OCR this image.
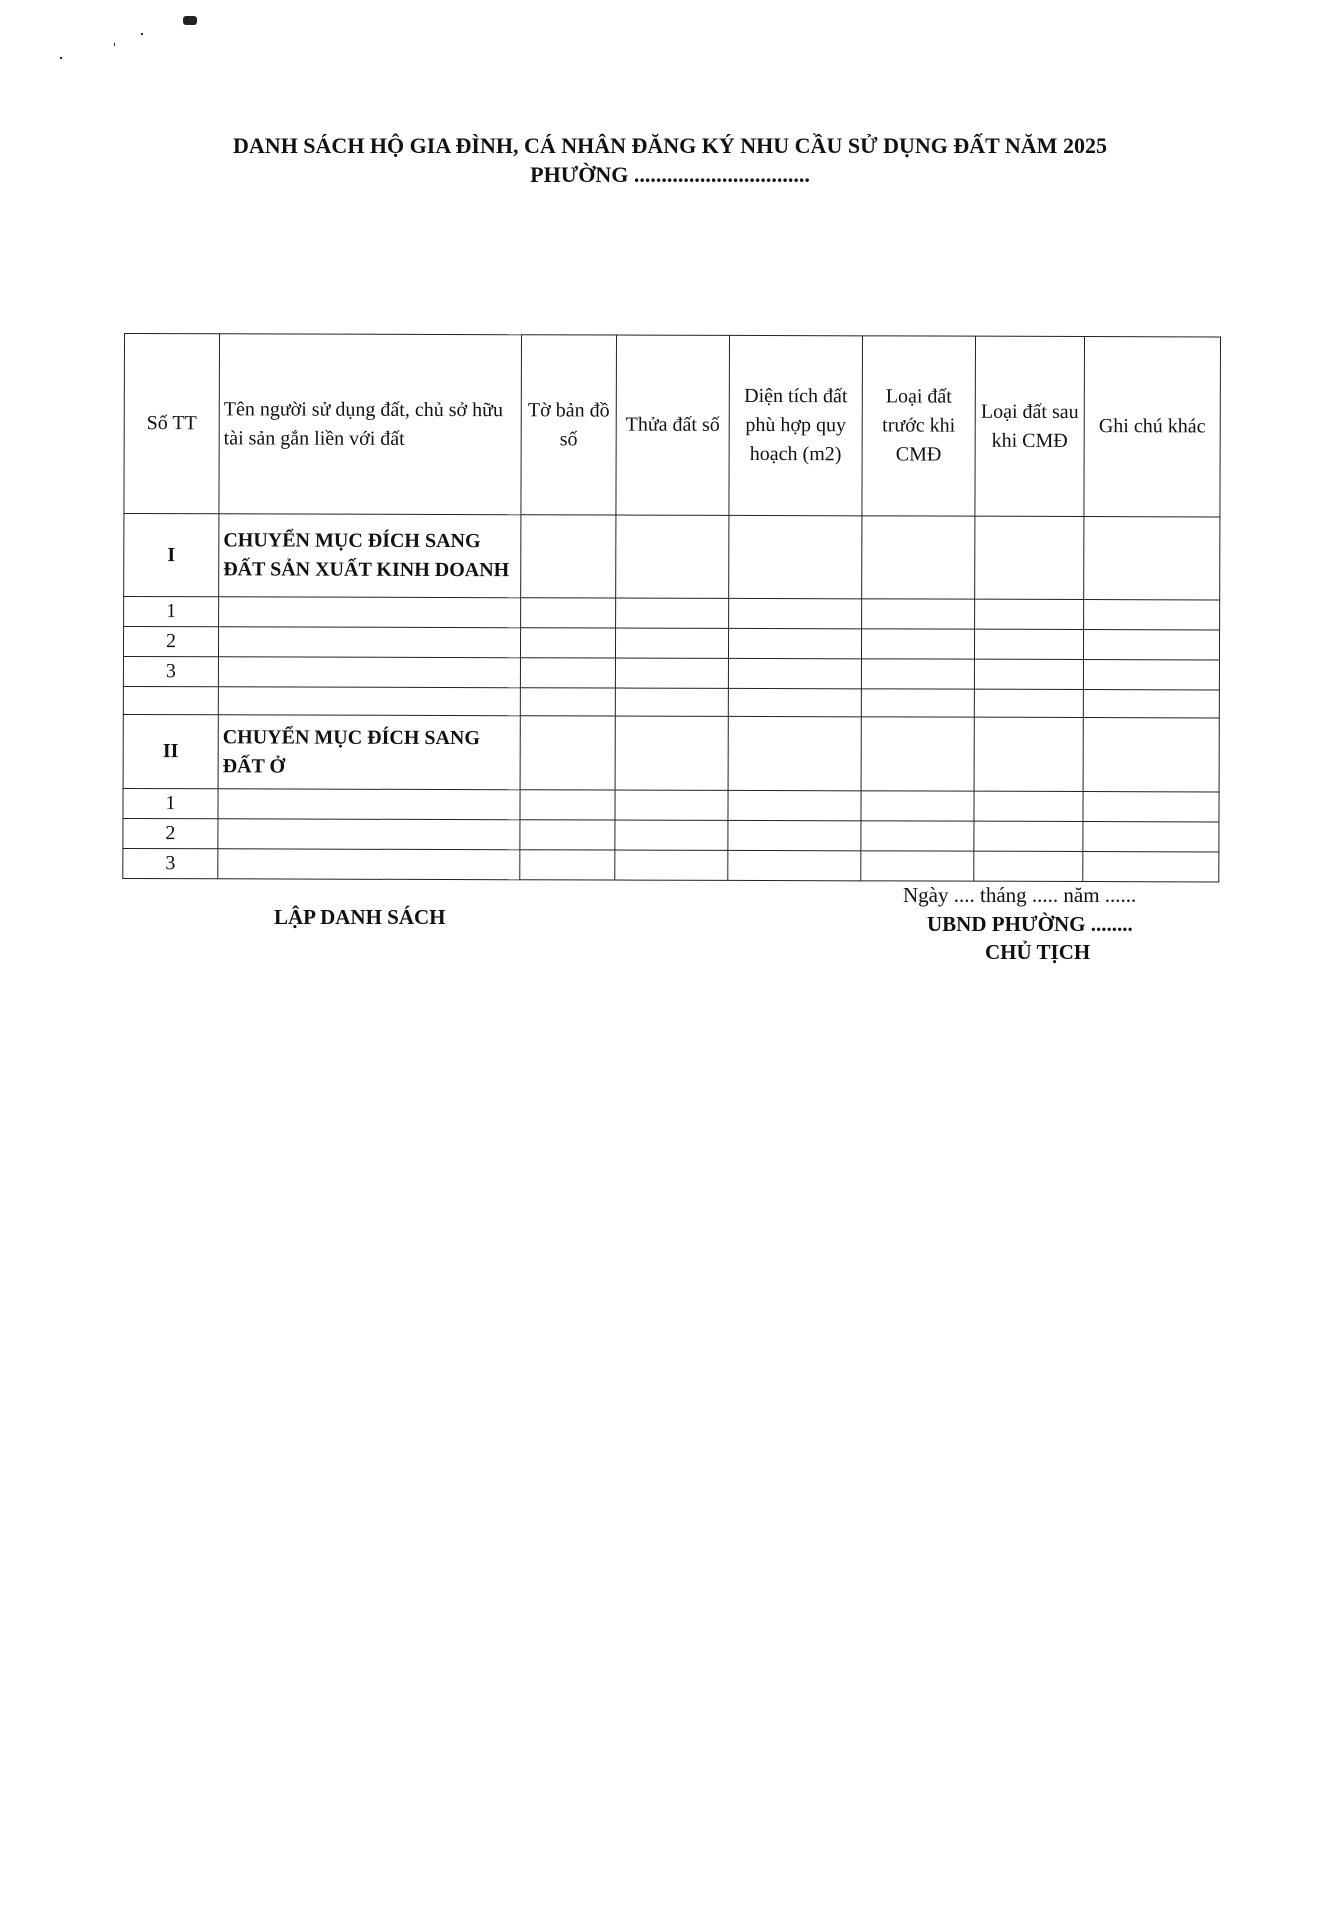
DANH SÁCH HỘ GIA ĐÌNH, CÁ NHÂN ĐĂNG KÝ NHU CẦU SỬ DỤNG ĐẤT NĂM 2025
PHƯỜNG ................................
Số TT	Tên người sử dụng đất, chủ sở hữu tài sản gắn liền với đất	Tờ bản đồ số	Thửa đất số	Diện tích đất phù hợp quy hoạch (m2)	Loại đất trước khi CMĐ	Loại đất sau khi CMĐ	Ghi chú khác
I	CHUYỂN MỤC ĐÍCH SANG ĐẤT SẢN XUẤT KINH DOANH						
1							
2							
3							

II	CHUYỂN MỤC ĐÍCH SANG ĐẤT Ở						
1							
2							
3							
LẬP DANH SÁCH
Ngày .... tháng ..... năm ......
UBND PHƯỜNG ........
CHỦ TỊCH
